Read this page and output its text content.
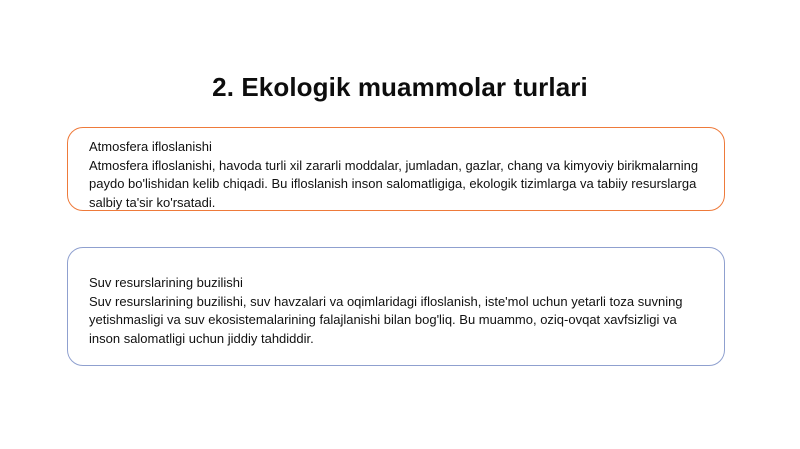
2. Ekologik muammolar turlari
Atmosfera ifloslanishi
Atmosfera ifloslanishi, havoda turli xil zararli moddalar, jumladan, gazlar, chang va kimyoviy birikmalarning paydo bo'lishidan kelib chiqadi. Bu ifloslanish inson salomatligiga, ekologik tizimlarga va tabiiy resurslarga salbiy ta'sir ko'rsatadi.
Suv resurslarining buzilishi
Suv resurslarining buzilishi, suv havzalari va oqimlaridagi ifloslanish, iste'mol uchun yetarli toza suvning yetishmasligi va suv ekosistemalarining falajlanishi bilan bog'liq. Bu muammo, oziq-ovqat xavfsizligi va inson salomatligi uchun jiddiy tahdiddir.
